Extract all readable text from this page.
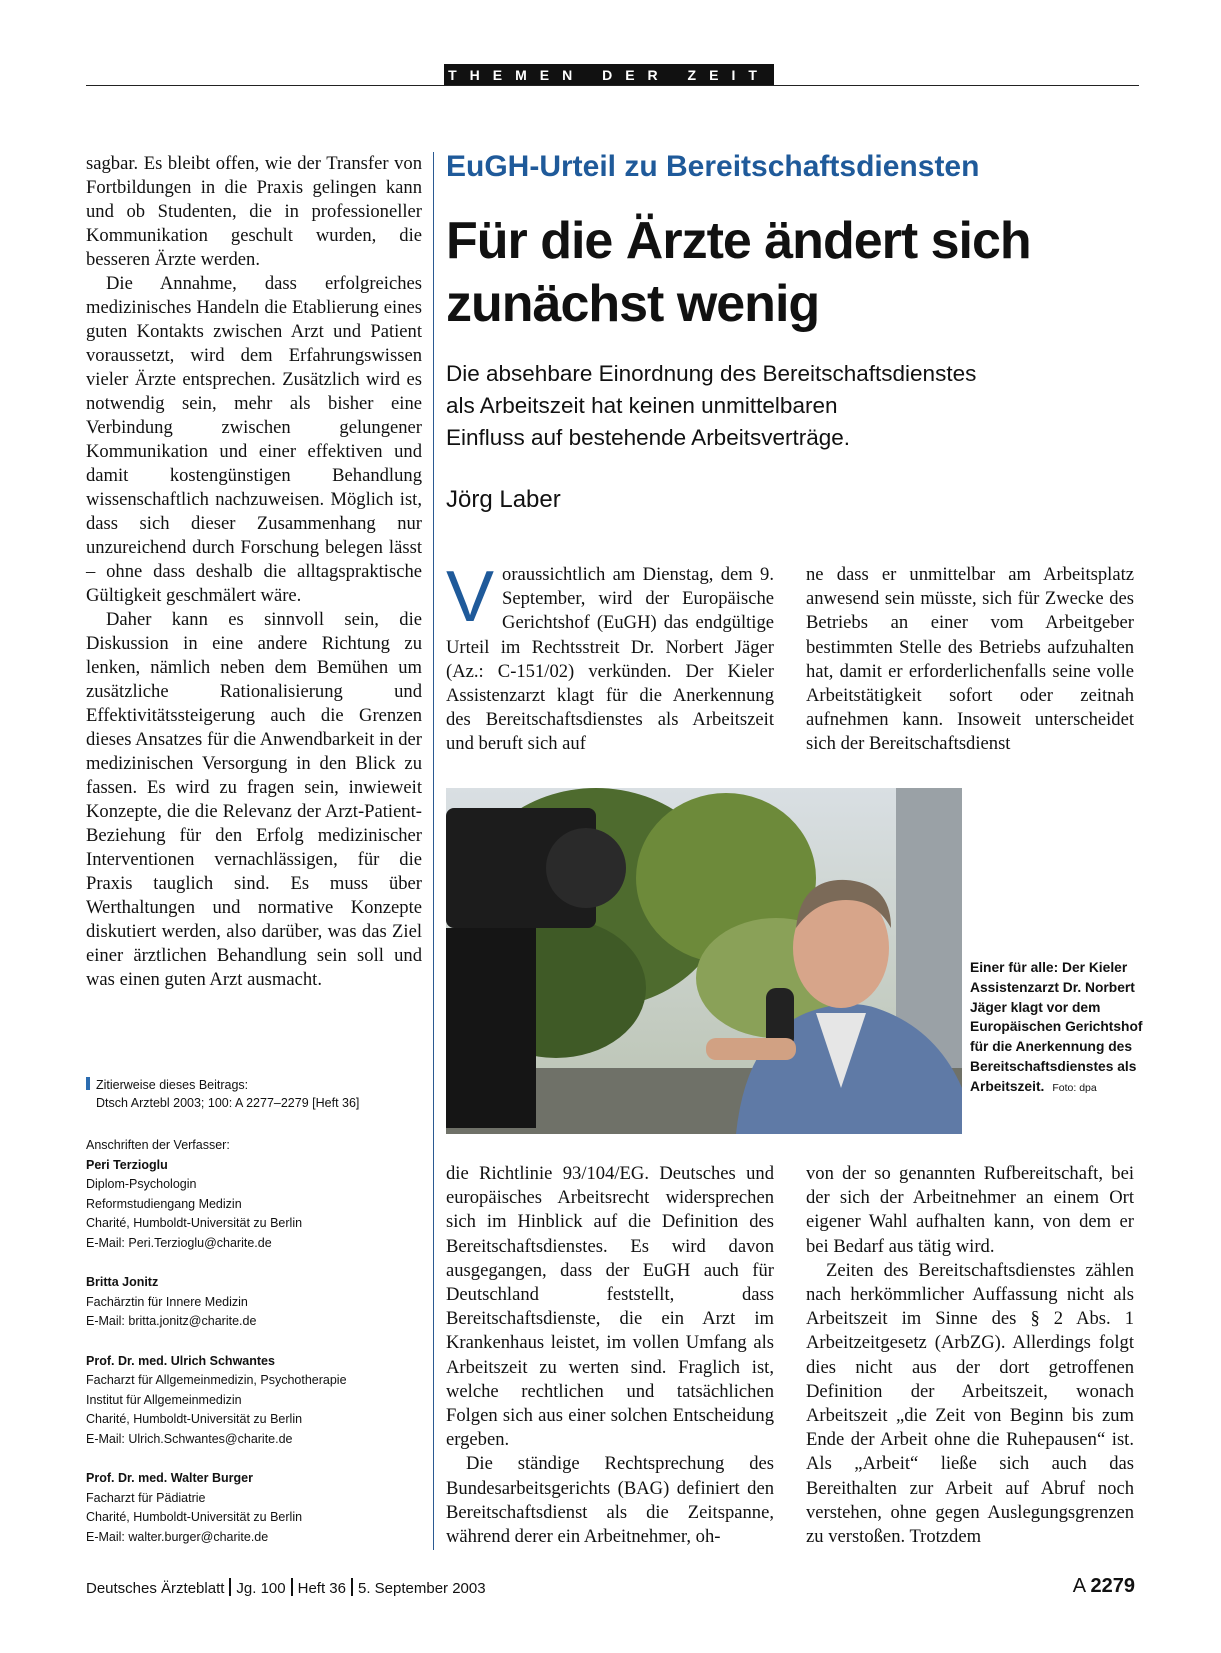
THEMEN DER ZEIT

sagbar. Es bleibt offen, wie der Transfer von Fortbildungen in die Praxis gelingen kann und ob Studenten, die in professioneller Kommunikation geschult wurden, die besseren Ärzte werden.

Die Annahme, dass erfolgreiches medizinisches Handeln die Etablierung eines guten Kontakts zwischen Arzt und Patient voraussetzt, wird dem Erfahrungswissen vieler Ärzte entsprechen. Zusätzlich wird es notwendig sein, mehr als bisher eine Verbindung zwischen gelungener Kommunikation und einer effektiven und damit kostengünstigen Behandlung wissenschaftlich nachzuweisen. Möglich ist, dass sich dieser Zusammenhang nur unzureichend durch Forschung belegen lässt – ohne dass deshalb die alltagspraktische Gültigkeit geschmälert wäre.

Daher kann es sinnvoll sein, die Diskussion in eine andere Richtung zu lenken, nämlich neben dem Bemühen um zusätzliche Rationalisierung und Effektivitätssteigerung auch die Grenzen dieses Ansatzes für die Anwendbarkeit in der medizinischen Versorgung in den Blick zu fassen. Es wird zu fragen sein, inwieweit Konzepte, die die Relevanz der Arzt-Patient-Beziehung für den Erfolg medizinischer Interventionen vernachlässigen, für die Praxis tauglich sind. Es muss über Werthaltungen und normative Konzepte diskutiert werden, also darüber, was das Ziel einer ärztlichen Behandlung sein soll und was einen guten Arzt ausmacht.

Zitierweise dieses Beitrags:
Dtsch Arztebl 2003; 100: A 2277–2279 [Heft 36]
Anschriften der Verfasser:
Peri Terzioglu
Diplom-Psychologin
Reformstudiengang Medizin
Charité, Humboldt-Universität zu Berlin
E-Mail: Peri.Terzioglu@charite.de
Britta Jonitz
Fachärztin für Innere Medizin
E-Mail: britta.jonitz@charite.de
Prof. Dr. med. Ulrich Schwantes
Facharzt für Allgemeinmedizin, Psychotherapie
Institut für Allgemeinmedizin
Charité, Humboldt-Universität zu Berlin
E-Mail: Ulrich.Schwantes@charite.de
Prof. Dr. med. Walter Burger
Facharzt für Pädiatrie
Charité, Humboldt-Universität zu Berlin
E-Mail: walter.burger@charite.de
EuGH-Urteil zu Bereitschaftsdiensten
Für die Ärzte ändert sich
zunächst wenig
Die absehbare Einordnung des Bereitschaftsdienstes
als Arbeitszeit hat keinen unmittelbaren
Einfluss auf bestehende Arbeitsverträge.
Jörg Laber

Voraussichtlich am Dienstag, dem 9. September, wird der Europäische Gerichtshof (EuGH) das endgültige Urteil im Rechtsstreit Dr. Norbert Jäger (Az.: C-151/02) verkünden. Der Kieler Assistenzarzt klagt für die Anerkennung des Bereitschaftsdienstes als Arbeitszeit und beruft sich auf

ne dass er unmittelbar am Arbeitsplatz anwesend sein müsste, sich für Zwecke des Betriebs an einer vom Arbeitgeber bestimmten Stelle des Betriebs aufzuhalten hat, damit er erforderlichenfalls seine volle Arbeitstätigkeit sofort oder zeitnah aufnehmen kann. Insoweit unterscheidet sich der Bereitschaftsdienst

Einer für alle: Der Kieler Assistenzarzt Dr. Norbert Jäger klagt vor dem Europäischen Gerichtshof für die Anerkennung des Bereitschaftsdienstes als Arbeitszeit. Foto: dpa

die Richtlinie 93/104/EG. Deutsches und europäisches Arbeitsrecht widersprechen sich im Hinblick auf die Definition des Bereitschaftsdienstes. Es wird davon ausgegangen, dass der EuGH auch für Deutschland feststellt, dass Bereitschaftsdienste, die ein Arzt im Krankenhaus leistet, im vollen Umfang als Arbeitszeit zu werten sind. Fraglich ist, welche rechtlichen und tatsächlichen Folgen sich aus einer solchen Entscheidung ergeben.

Die ständige Rechtsprechung des Bundesarbeitsgerichts (BAG) definiert den Bereitschaftsdienst als die Zeitspanne, während derer ein Arbeitnehmer, oh-

von der so genannten Rufbereitschaft, bei der sich der Arbeitnehmer an einem Ort eigener Wahl aufhalten kann, von dem er bei Bedarf aus tätig wird.

Zeiten des Bereitschaftsdienstes zählen nach herkömmlicher Auffassung nicht als Arbeitszeit im Sinne des § 2 Abs. 1 Arbeitzeitgesetz (ArbZG). Allerdings folgt dies nicht aus der dort getroffenen Definition der Arbeitszeit, wonach Arbeitszeit „die Zeit von Beginn bis zum Ende der Arbeit ohne die Ruhepausen“ ist. Als „Arbeit“ ließe sich auch das Bereithalten zur Arbeit auf Abruf noch verstehen, ohne gegen Auslegungsgrenzen zu verstoßen. Trotzdem

Deutsches Ärzteblatt Jg. 100 Heft 36 5. September 2003	A 2279
